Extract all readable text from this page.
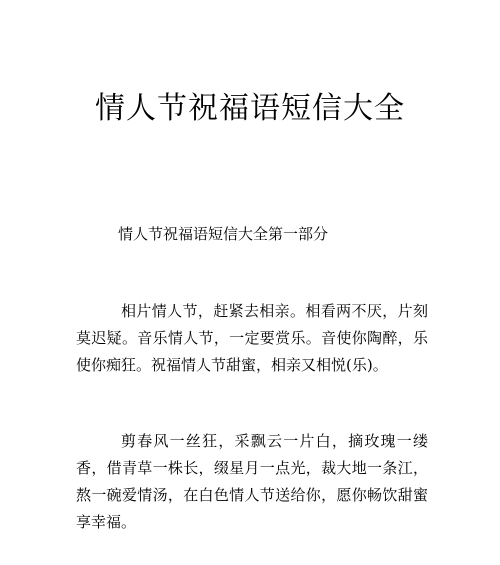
情人节祝福语短信大全
情人节祝福语短信大全第一部分
相片情人节，赶紧去相亲。相看两不厌，片刻莫迟疑。音乐情人节，一定要赏乐。音使你陶醉，乐使你痴狂。祝福情人节甜蜜，相亲又相悦(乐)。
剪春风一丝狂，采飘云一片白，摘玫瑰一缕香，借青草一株长，缀星月一点光，裁大地一条江，熬一碗爱情汤，在白色情人节送给你，愿你畅饮甜蜜享幸福。
